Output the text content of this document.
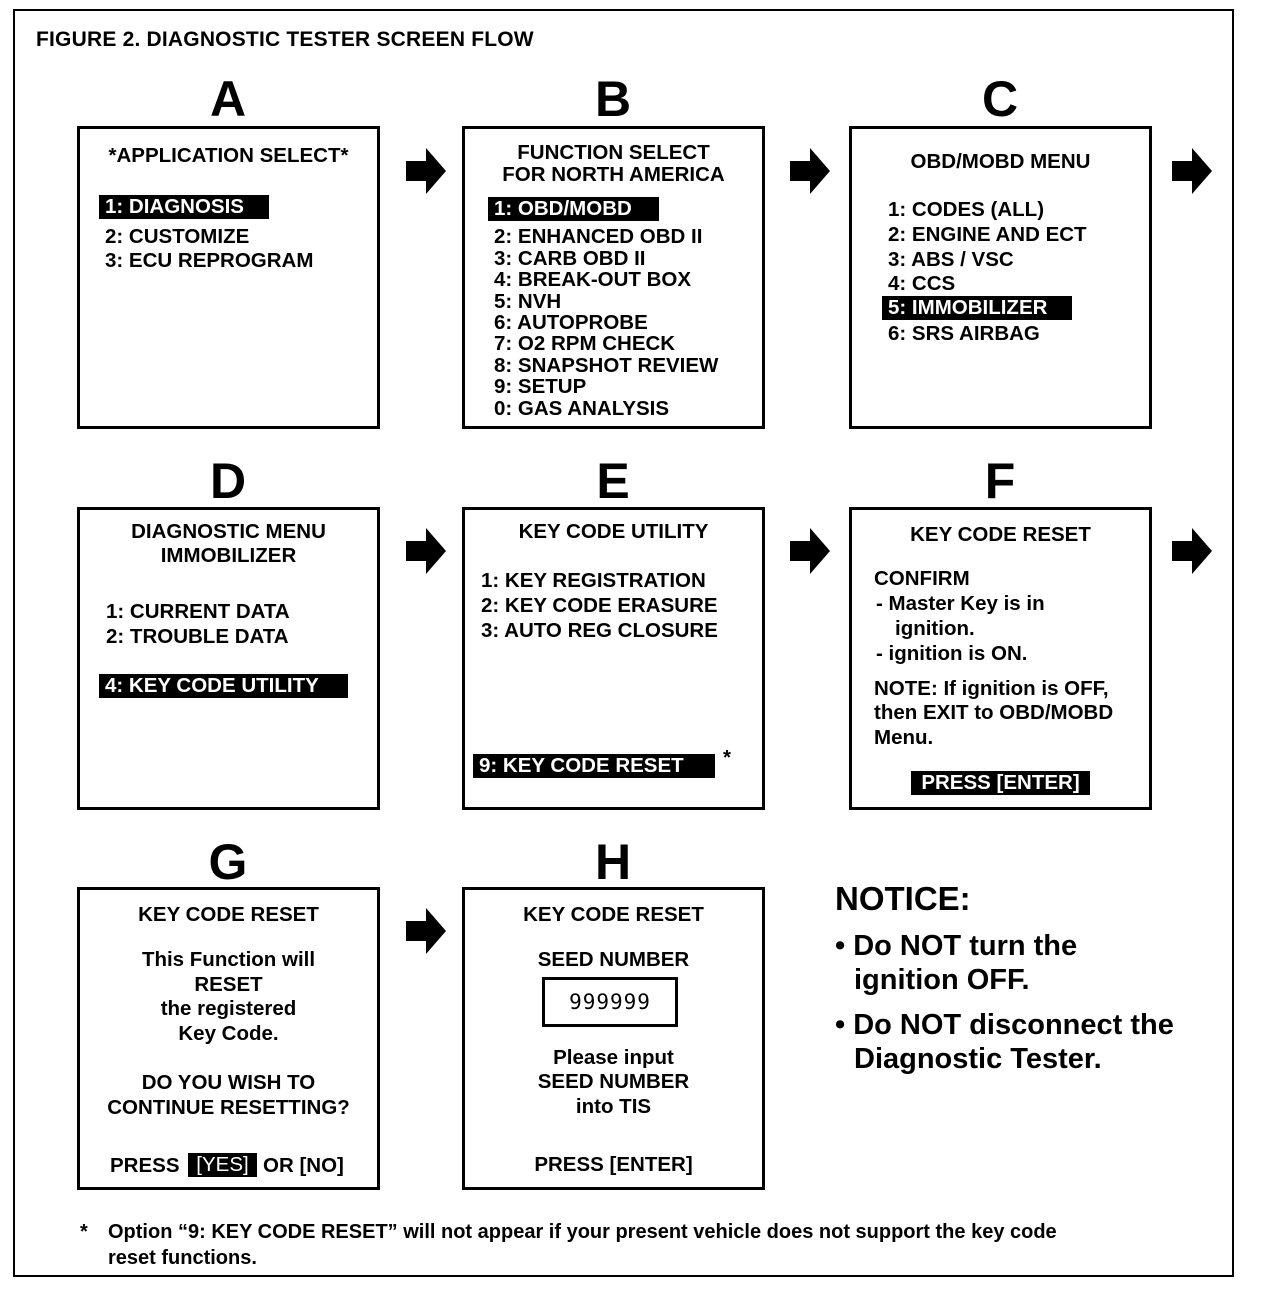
FIGURE 2. DIAGNOSTIC TESTER SCREEN FLOW
A	B	C
*APPLICATION SELECT*
1: DIAGNOSIS
2: CUSTOMIZE
3: ECU REPROGRAM
FUNCTION SELECT
FOR NORTH AMERICA
1: OBD/MOBD
2: ENHANCED OBD II
3: CARB OBD II
4: BREAK-OUT BOX
5: NVH
6: AUTOPROBE
7: O2 RPM CHECK
8: SNAPSHOT REVIEW
9: SETUP
0: GAS ANALYSIS
OBD/MOBD MENU
1: CODES (ALL)
2: ENGINE AND ECT
3: ABS / VSC
4: CCS
5: IMMOBILIZER
6: SRS AIRBAG
D	E	F
DIAGNOSTIC MENU
IMMOBILIZER
1: CURRENT DATA
2: TROUBLE DATA
4: KEY CODE UTILITY
KEY CODE UTILITY
1: KEY REGISTRATION
2: KEY CODE ERASURE
3: AUTO REG CLOSURE
9: KEY CODE RESET	*
KEY CODE RESET
CONFIRM
- Master Key is in
ignition.
- ignition is ON.
NOTE: If ignition is OFF,
then EXIT to OBD/MOBD
Menu.
PRESS [ENTER]
G	H
KEY CODE RESET
This Function will
RESET
the registered
Key Code.
DO YOU WISH TO
CONTINUE RESETTING?
PRESS [YES] OR [NO]
KEY CODE RESET
SEED NUMBER
999999
Please input
SEED NUMBER
into TIS
PRESS [ENTER]
NOTICE:
• Do NOT turn the
ignition OFF.
• Do NOT disconnect the
Diagnostic Tester.
* Option “9: KEY CODE RESET” will not appear if your present vehicle does not support the key code
reset functions.
